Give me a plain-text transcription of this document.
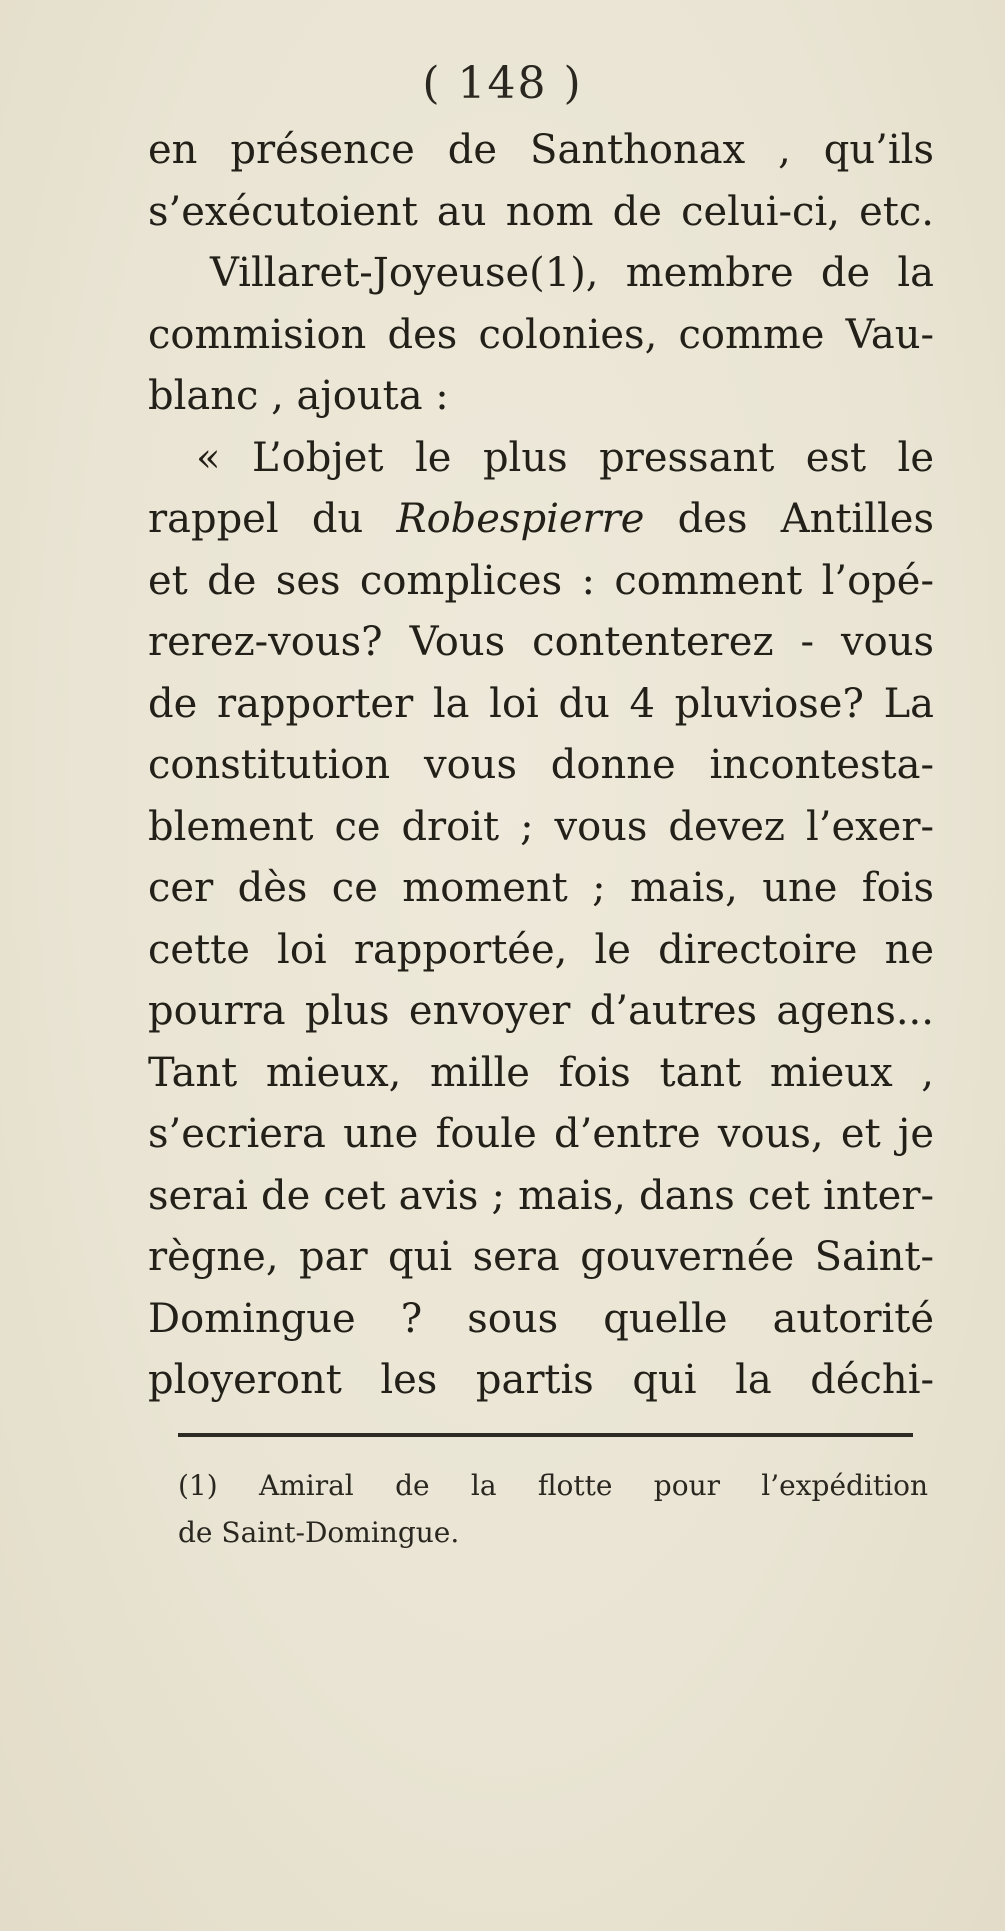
( 148 )
en présence de Santhonax , qu’ils
s’exécutoient au nom de celui-ci, etc.
Villaret-Joyeuse(1), membre de la
commision des colonies, comme Vau-
blanc , ajouta :
« L’objet le plus pressant est le
rappel du Robespierre des Antilles
et de ses complices : comment l’opé-
rerez-vous? Vous contenterez - vous
de rapporter la loi du 4 pluviose? La
constitution vous donne incontesta-
blement ce droit ; vous devez l’exer-
cer dès ce moment ; mais, une fois
cette loi rapportée, le directoire ne
pourra plus envoyer d’autres agens...
Tant mieux, mille fois tant mieux ,
s’ecriera une foule d’entre vous, et je
serai de cet avis ; mais, dans cet inter-
règne, par qui sera gouvernée Saint-
Domingue ? sous quelle autorité
ployeront les partis qui la déchi-
(1) Amiral de la flotte pour l’expédition
de Saint-Domingue.
